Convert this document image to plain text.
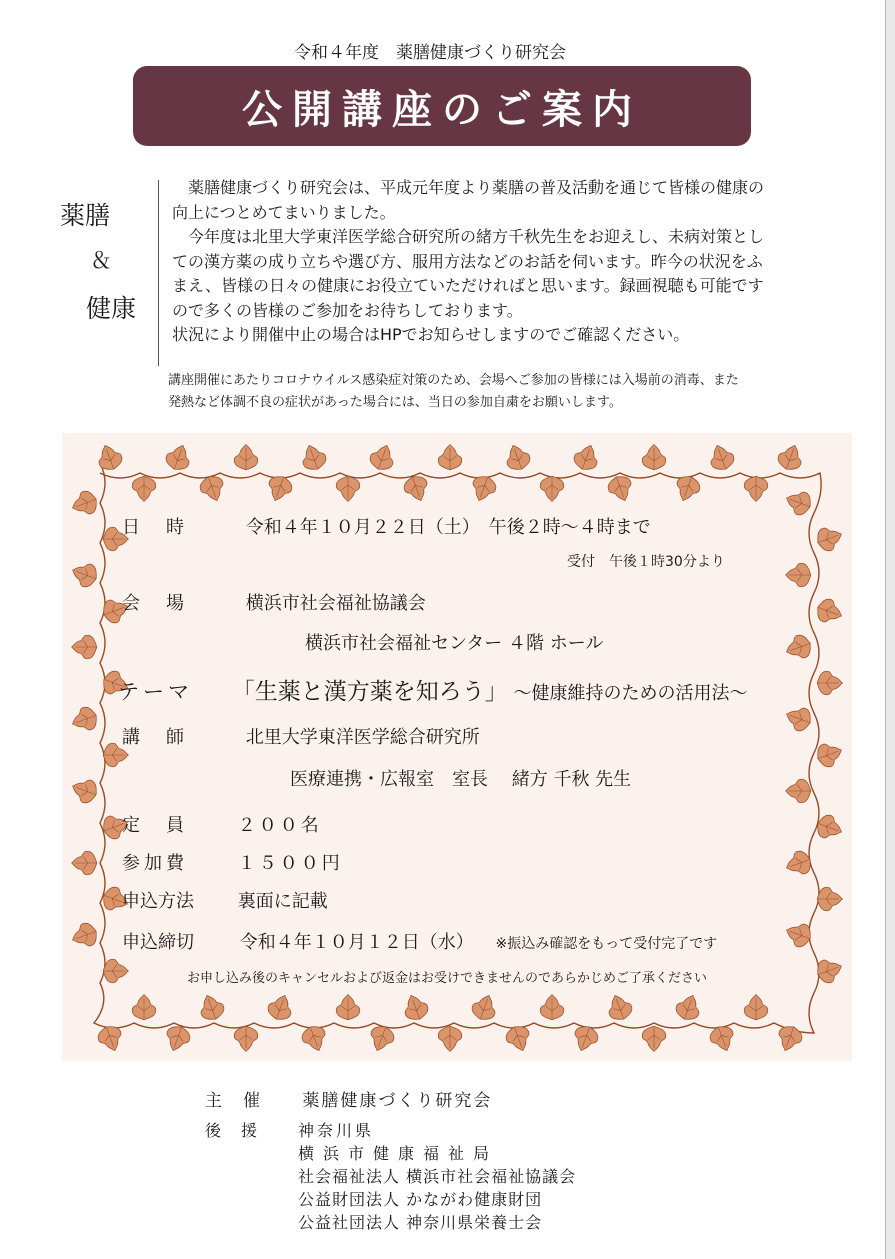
令和４年度　薬膳健康づくり研究会
公開講座のご案内
薬膳
＆
健康

　薬膳健康づくり研究会は、平成元年度より薬膳の普及活動を通じて皆様の健康の

向上につとめてまいりました。

　今年度は北里大学東洋医学総合研究所の緒方千秋先生をお迎えし、未病対策とし

ての漢方薬の成り立ちや選び方、服用方法などのお話を伺います。昨今の状況をふ

まえ、皆様の日々の健康にお役立ていただければと思います。録画視聴も可能です

ので多くの皆様のご参加をお待ちしております。

状況により開催中止の場合はHPでお知らせしますのでご確認ください。

講座開催にあたりコロナウイルス感染症対策のため、会場へご参加の皆様には入場前の消毒、また

発熱など体調不良の症状があった場合には、当日の参加自粛をお願いします。

日　時	令和４年１０月２２日（土）　午後２時～４時まで
受付　午後１時30分より
会　場	横浜市社会福祉協議会
横浜市社会福祉センター ４階 ホール
テーマ 「生薬と漢方薬を知ろう」 ～健康維持のための活用法～
講　師	北里大学東洋医学総合研究所
医療連携・広報室　室長　 緒方 千秋 先生
定　員	２００名
参加費	１５００円
申込方法 裏面に記載
申込締切	令和４年１０月１２日（水） ※振込み確認をもって受付完了です
お申し込み後のキャンセルおよび返金はお受けできませんのであらかじめご了承ください
主　催 薬膳健康づくり研究会
後　援 神奈川県
横浜市健康福祉局
社会福祉法人 横浜市社会福祉協議会
公益財団法人 かながわ健康財団
公益社団法人 神奈川県栄養士会
